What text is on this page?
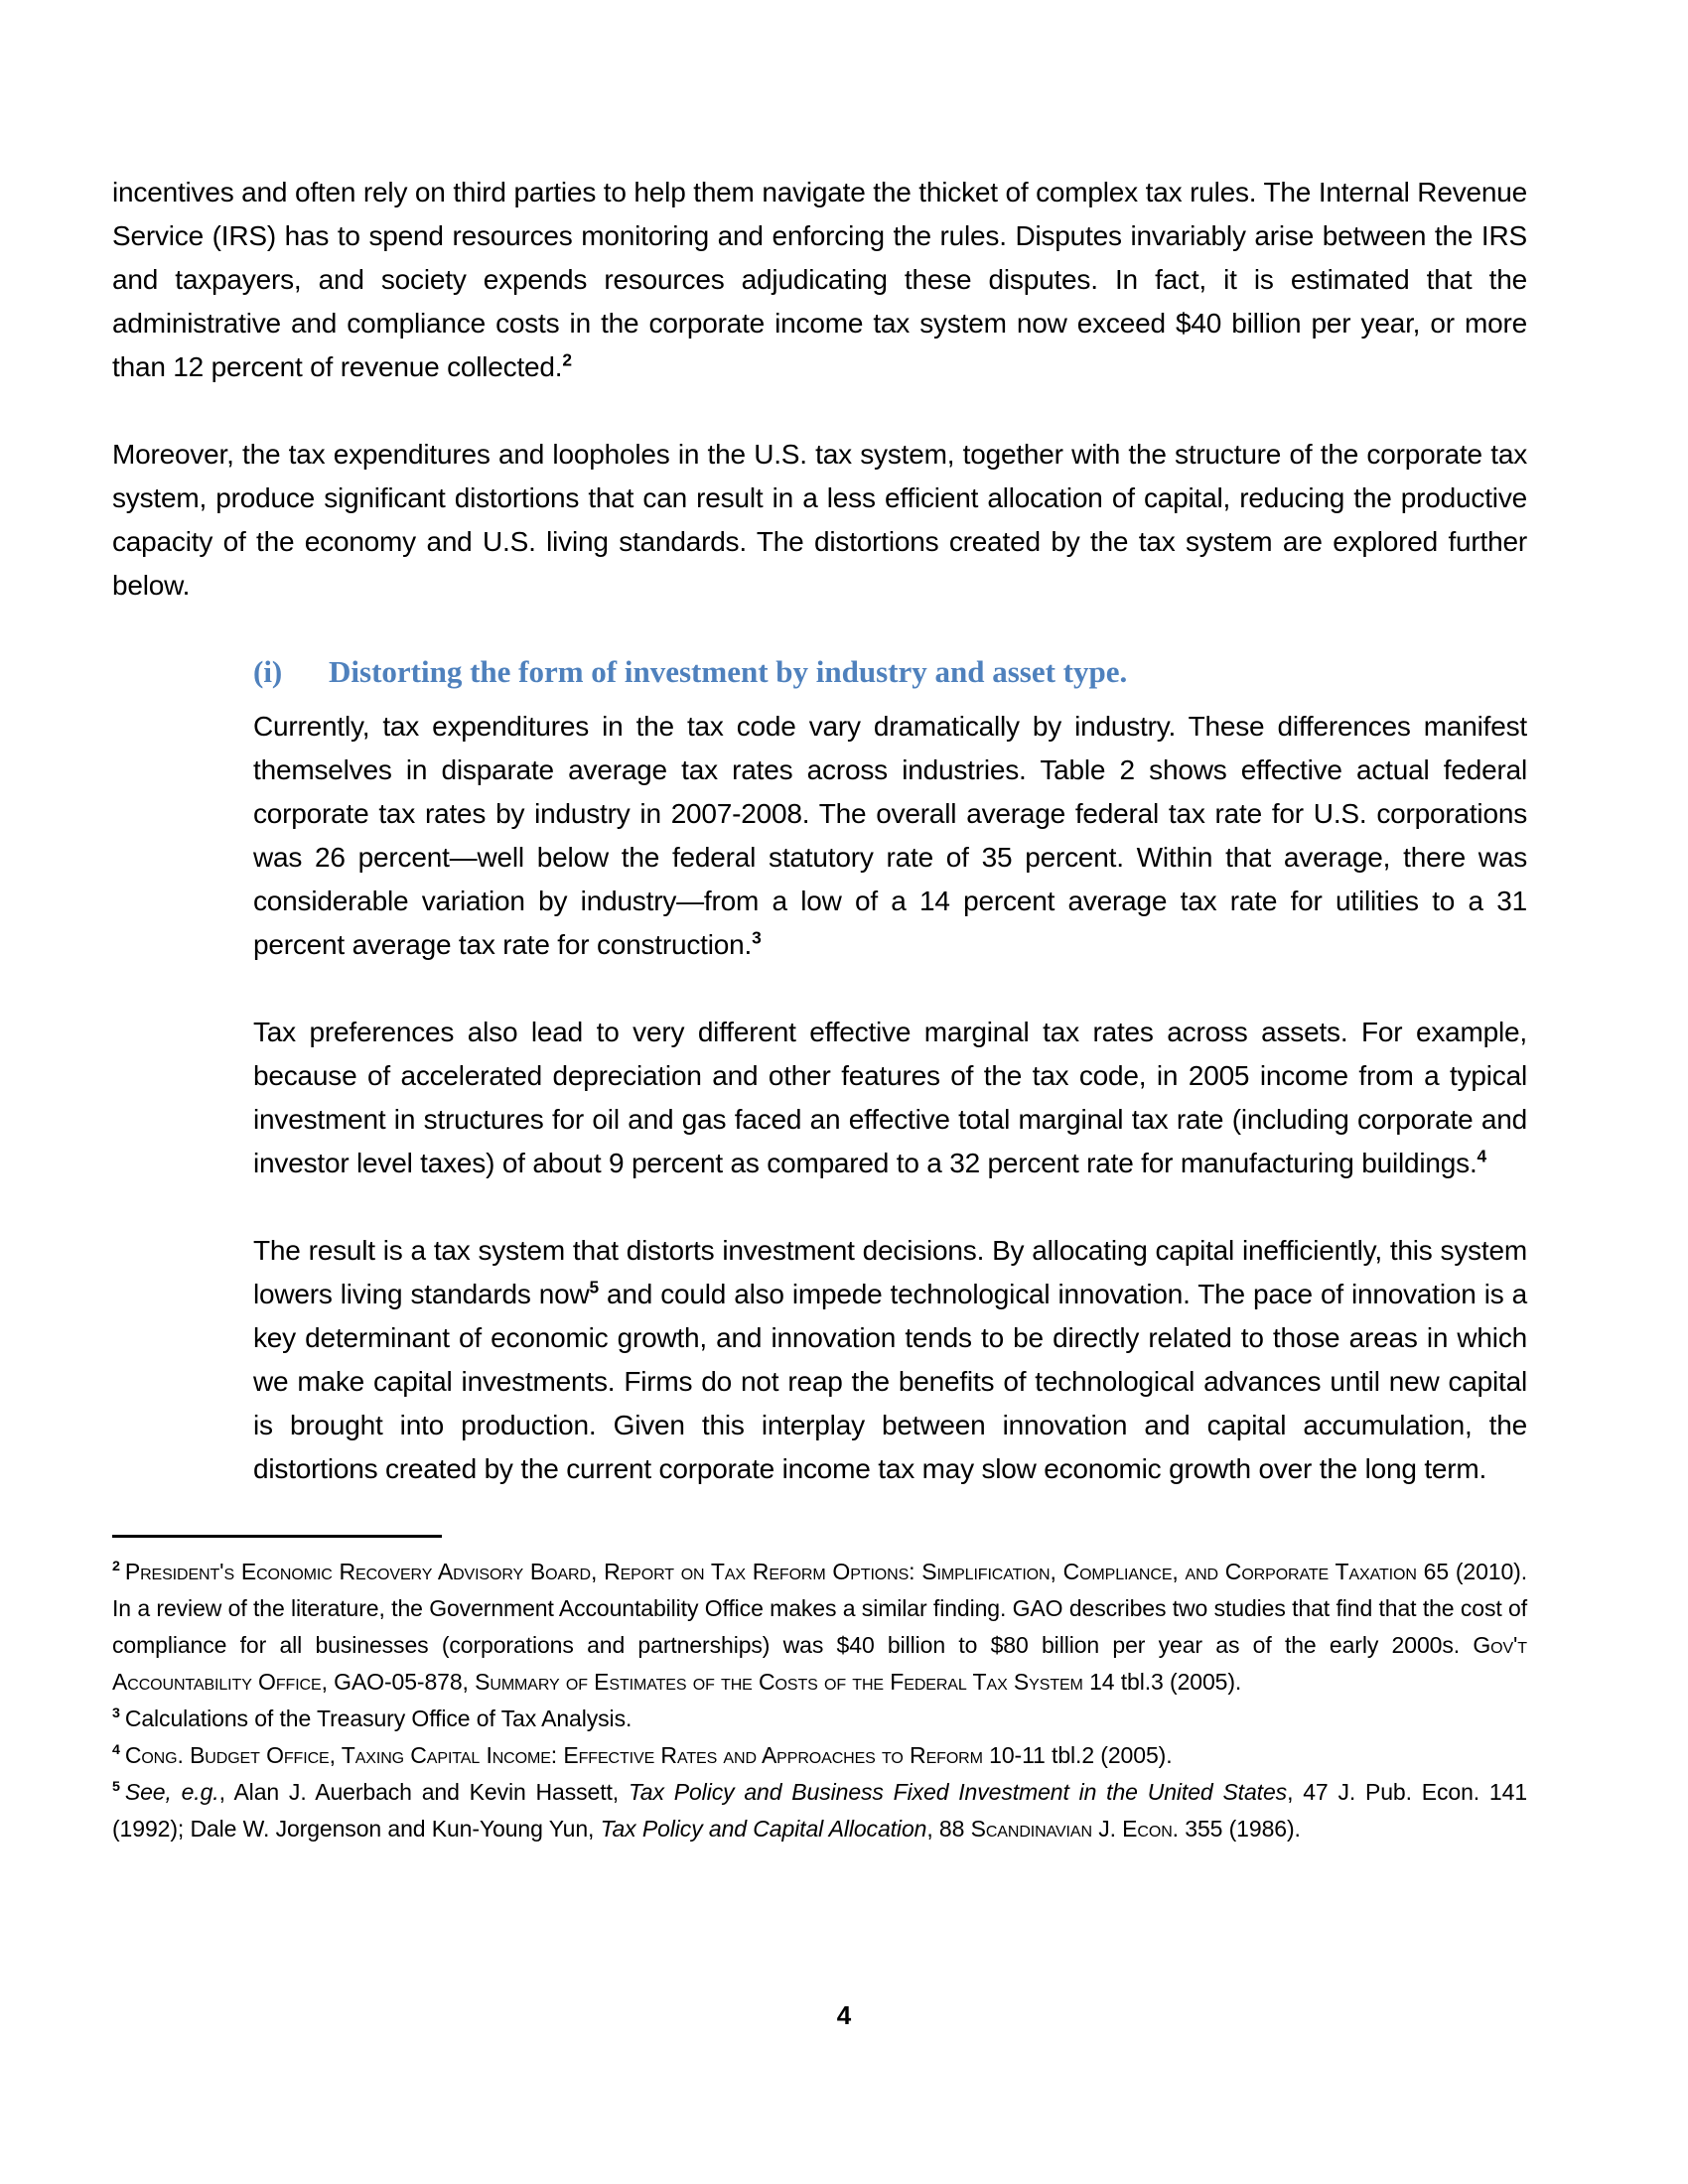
incentives and often rely on third parties to help them navigate the thicket of complex tax rules. The Internal Revenue Service (IRS) has to spend resources monitoring and enforcing the rules. Disputes invariably arise between the IRS and taxpayers, and society expends resources adjudicating these disputes. In fact, it is estimated that the administrative and compliance costs in the corporate income tax system now exceed $40 billion per year, or more than 12 percent of revenue collected.$^2$

Moreover, the tax expenditures and loopholes in the U.S. tax system, together with the structure of the corporate tax system, produce significant distortions that can result in a less efficient allocation of capital, reducing the productive capacity of the economy and U.S. living standards. The distortions created by the tax system are explored further below.

(i) Distorting the form of investment by industry and asset type.

Currently, tax expenditures in the tax code vary dramatically by industry. These differences manifest themselves in disparate average tax rates across industries. Table 2 shows effective actual federal corporate tax rates by industry in 2007-2008. The overall average federal tax rate for U.S. corporations was 26 percent—well below the federal statutory rate of 35 percent. Within that average, there was considerable variation by industry—from a low of a 14 percent average tax rate for utilities to a 31 percent average tax rate for construction.$^3$

Tax preferences also lead to very different effective marginal tax rates across assets. For example, because of accelerated depreciation and other features of the tax code, in 2005 income from a typical investment in structures for oil and gas faced an effective total marginal tax rate (including corporate and investor level taxes) of about 9 percent as compared to a 32 percent rate for manufacturing buildings.$^4$

The result is a tax system that distorts investment decisions. By allocating capital inefficiently, this system lowers living standards now$^5$ and could also impede technological innovation. The pace of innovation is a key determinant of economic growth, and innovation tends to be directly related to those areas in which we make capital investments. Firms do not reap the benefits of technological advances until new capital is brought into production. Given this interplay between innovation and capital accumulation, the distortions created by the current corporate income tax may slow economic growth over the long term.

$^2$ President's Economic Recovery Advisory Board, Report on Tax Reform Options: Simplification, Compliance, and Corporate Taxation 65 (2010). In a review of the literature, the Government Accountability Office makes a similar finding. GAO describes two studies that find that the cost of compliance for all businesses (corporations and partnerships) was $40 billion to $80 billion per year as of the early 2000s. Gov't Accountability Office, GAO-05-878, Summary of Estimates of the Costs of the Federal Tax System 14 tbl.3 (2005).

$^3$ Calculations of the Treasury Office of Tax Analysis.

$^4$ Cong. Budget Office, Taxing Capital Income: Effective Rates and Approaches to Reform 10-11 tbl.2 (2005).

$^5$ See, e.g., Alan J. Auerbach and Kevin Hassett, Tax Policy and Business Fixed Investment in the United States, 47 J. Pub. Econ. 141 (1992); Dale W. Jorgenson and Kun-Young Yun, Tax Policy and Capital Allocation, 88 Scandinavian J. Econ. 355 (1986).

4
